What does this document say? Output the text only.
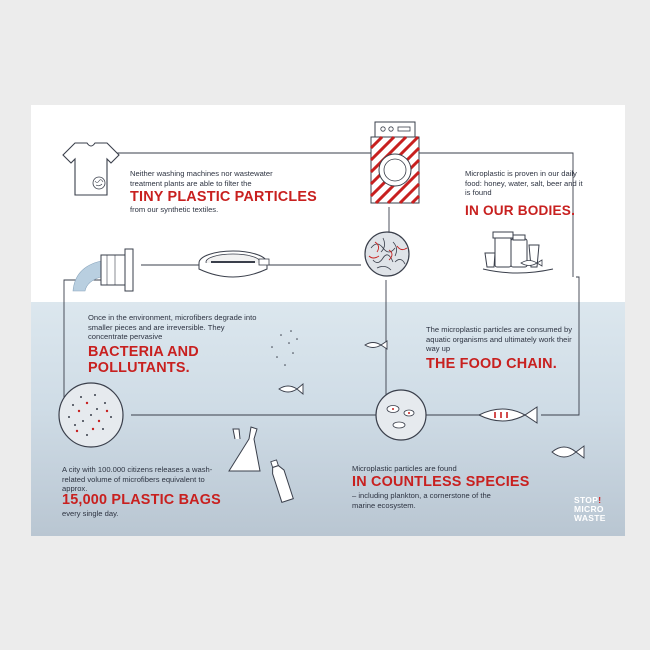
Neither washing machines nor wastewater treatment plants are able to filter the
TINY PLASTIC PARTICLES
from our synthetic textiles.
Microplastic is proven in our daily food: honey, water, salt, beer and it is found
IN OUR BODIES.
Once in the environment, microfibers degrade into smaller pieces and are irreversible. They concentrate pervasive
BACTERIA AND POLLUTANTS.
The microplastic particles are consumed by aquatic organisms and ultimately work their way up
THE FOOD CHAIN.
A city with 100.000 citizens releases a wash-related volume of microfibers equivalent to approx.
15,000 PLASTIC BAGS
every single day.
Microplastic particles are found
IN COUNTLESS SPECIES
– including plankton, a cornerstone of the marine ecosystem.
STOP!
MICRO
WASTE
